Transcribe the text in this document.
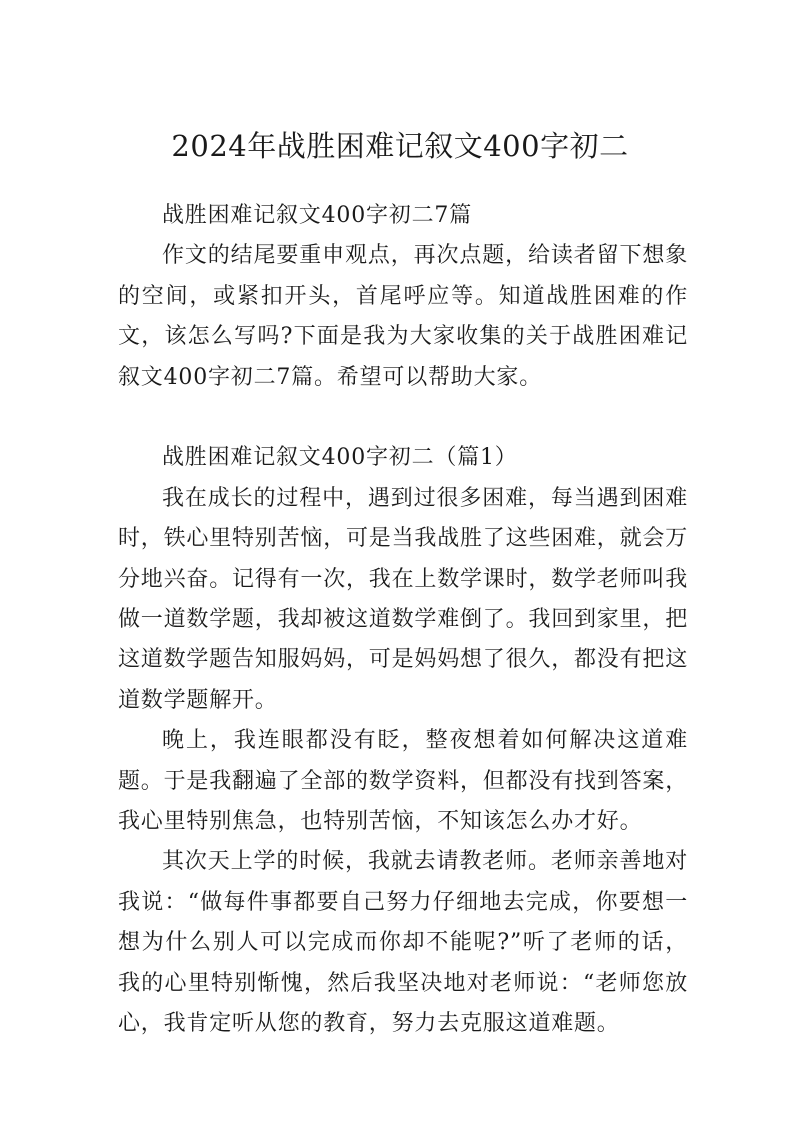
2024年战胜困难记叙文400字初二

战胜困难记叙文400字初二7篇

作文的结尾要重申观点，再次点题，给读者留下想象的空间，或紧扣开头，首尾呼应等。知道战胜困难的作文，该怎么写吗?下面是我为大家收集的关于战胜困难记叙文400字初二7篇。希望可以帮助大家。

战胜困难记叙文400字初二（篇1）

我在成长的过程中，遇到过很多困难，每当遇到困难时，铁心里特别苦恼，可是当我战胜了这些困难，就会万分地兴奋。记得有一次，我在上数学课时，数学老师叫我做一道数学题，我却被这道数学难倒了。我回到家里，把这道数学题告知服妈妈，可是妈妈想了很久，都没有把这道数学题解开。

晚上，我连眼都没有眨，整夜想着如何解决这道难题。于是我翻遍了全部的数学资料，但都没有找到答案，我心里特别焦急，也特别苦恼，不知该怎么办才好。

其次天上学的时候，我就去请教老师。老师亲善地对我说：“做每件事都要自己努力仔细地去完成，你要想一想为什么别人可以完成而你却不能呢?”听了老师的话，我的心里特别惭愧，然后我坚决地对老师说：“老师您放心，我肯定听从您的教育，努力去克服这道难题。
